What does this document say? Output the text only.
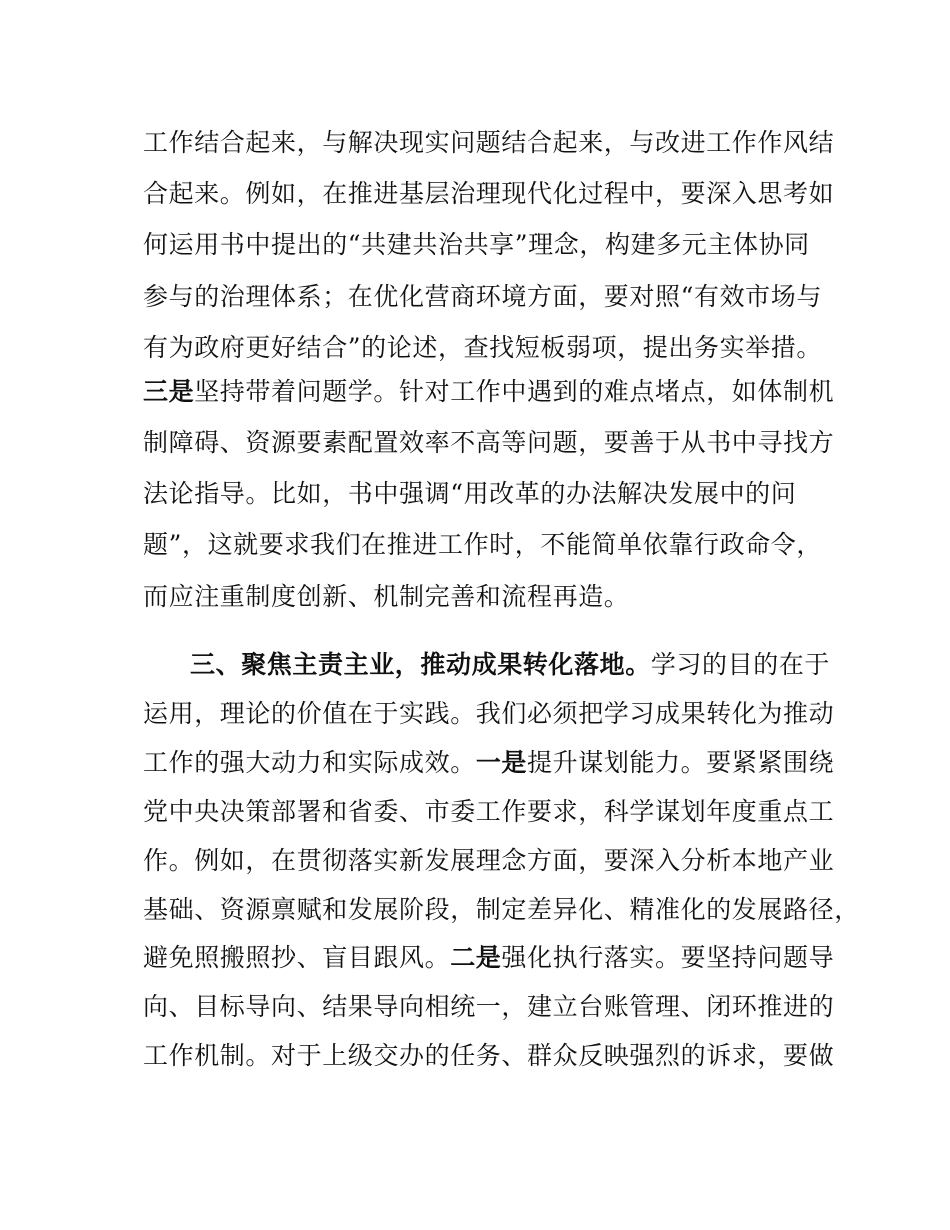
工作结合起来，与解决现实问题结合起来，与改进工作作风结
合起来。例如，在推进基层治理现代化过程中，要深入思考如
何运用书中提出的“共建共治共享”理念，构建多元主体协同
参与的治理体系；在优化营商环境方面，要对照“有效市场与
有为政府更好结合”的论述，查找短板弱项，提出务实举措。
三是坚持带着问题学。针对工作中遇到的难点堵点，如体制机
制障碍、资源要素配置效率不高等问题，要善于从书中寻找方
法论指导。比如，书中强调“用改革的办法解决发展中的问
题”，这就要求我们在推进工作时，不能简单依靠行政命令，
而应注重制度创新、机制完善和流程再造。
三、聚焦主责主业，推动成果转化落地。学习的目的在于
运用，理论的价值在于实践。我们必须把学习成果转化为推动
工作的强大动力和实际成效。一是提升谋划能力。要紧紧围绕
党中央决策部署和省委、市委工作要求，科学谋划年度重点工
作。例如，在贯彻落实新发展理念方面，要深入分析本地产业
基础、资源禀赋和发展阶段，制定差异化、精准化的发展路径，
避免照搬照抄、盲目跟风。二是强化执行落实。要坚持问题导
向、目标导向、结果导向相统一，建立台账管理、闭环推进的
工作机制。对于上级交办的任务、群众反映强烈的诉求，要做
